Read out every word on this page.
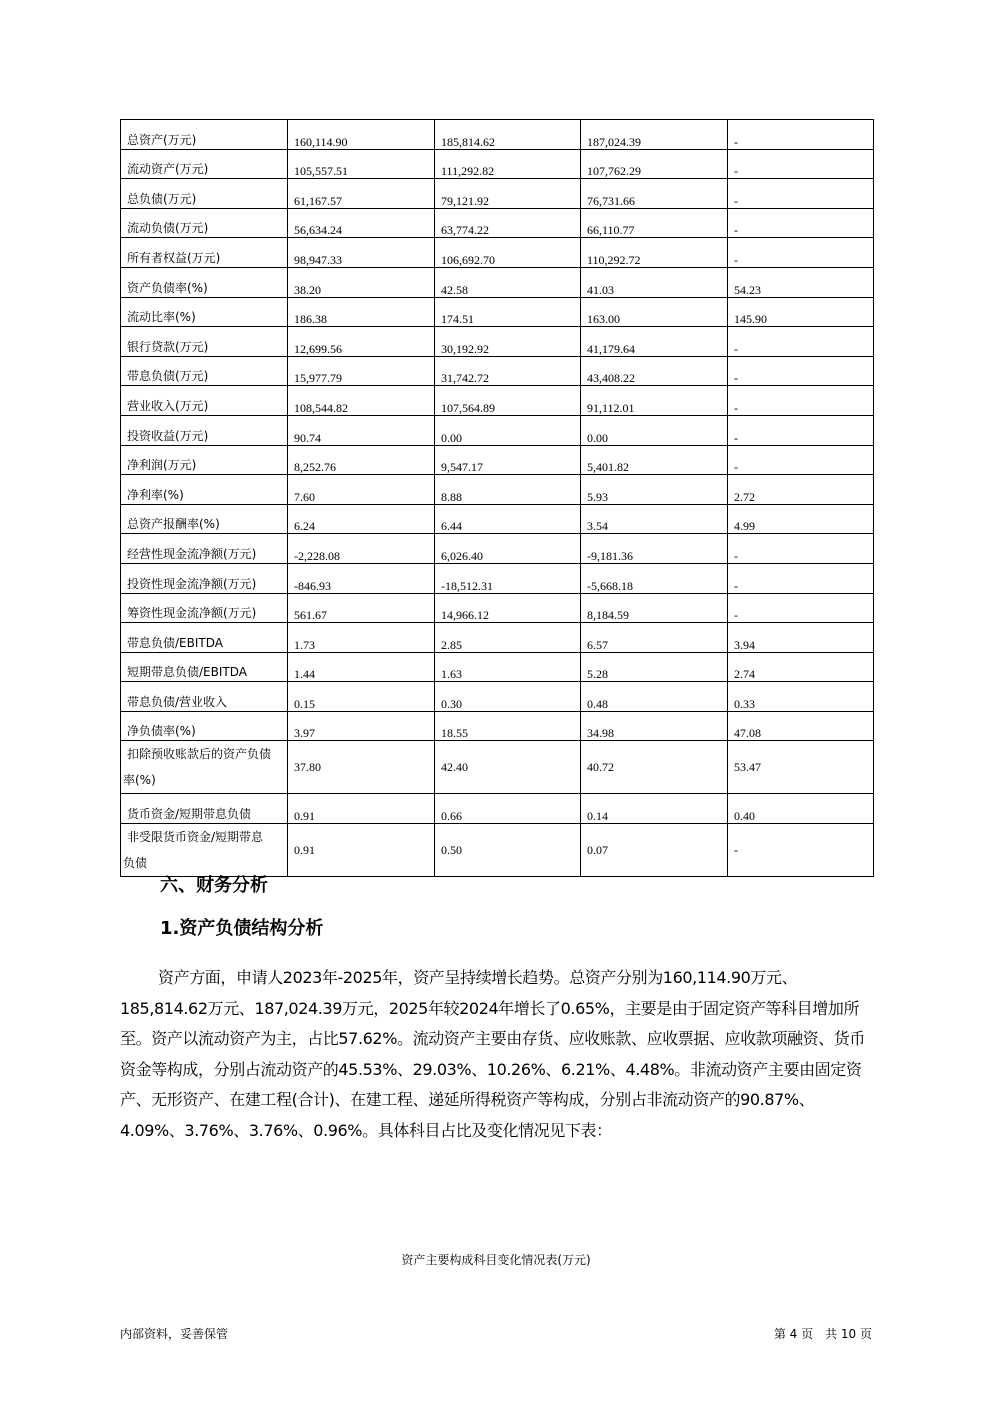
总资产(万元)	160,114.90	185,814.62	187,024.39	-
流动资产(万元)	105,557.51	111,292.82	107,762.29	-
总负债(万元)	61,167.57	79,121.92	76,731.66	-
流动负债(万元)	56,634.24	63,774.22	66,110.77	-
所有者权益(万元)	98,947.33	106,692.70	110,292.72	-
资产负债率(%)	38.20	42.58	41.03	54.23
流动比率(%)	186.38	174.51	163.00	145.90
银行贷款(万元)	12,699.56	30,192.92	41,179.64	-
带息负债(万元)	15,977.79	31,742.72	43,408.22	-
营业收入(万元)	108,544.82	107,564.89	91,112.01	-
投资收益(万元)	90.74	0.00	0.00	-
净利润(万元)	8,252.76	9,547.17	5,401.82	-
净利率(%)	7.60	8.88	5.93	2.72
总资产报酬率(%)	6.24	6.44	3.54	4.99
经营性现金流净额(万元)	-2,228.08	6,026.40	-9,181.36	-
投资性现金流净额(万元)	-846.93	-18,512.31	-5,668.18	-
筹资性现金流净额(万元)	561.67	14,966.12	8,184.59	-
带息负债/EBITDA	1.73	2.85	6.57	3.94
短期带息负债/EBITDA	1.44	1.63	5.28	2.74
带息负债/营业收入	0.15	0.30	0.48	0.33
净负债率(%)	3.97	18.55	34.98	47.08
扣除预收账款后的资产负债
率(%)	37.80	42.40	40.72	53.47
货币资金/短期带息负债	0.91	0.66	0.14	0.40
非受限货币资金/短期带息
负债	0.91	0.50	0.07	-
六、财务分析
1.资产负债结构分析

资产方面，申请人2023年-2025年，资产呈持续增长趋势。总资产分别为160,114.90万元、185,814.62万元、187,024.39万元，2025年较2024年增长了0.65%，主要是由于固定资产等科目增加所至。资产以流动资产为主，占比57.62%。流动资产主要由存货、应收账款、应收票据、应收款项融资、货币资金等构成，分别占流动资产的45.53%、29.03%、10.26%、6.21%、4.48%。非流动资产主要由固定资产、无形资产、在建工程(合计)、在建工程、递延所得税资产等构成，分别占非流动资产的90.87%、4.09%、3.76%、3.76%、0.96%。具体科目占比及变化情况见下表：

资产主要构成科目变化情况表(万元)
内部资料，妥善保管	第 4 页　共 10 页
